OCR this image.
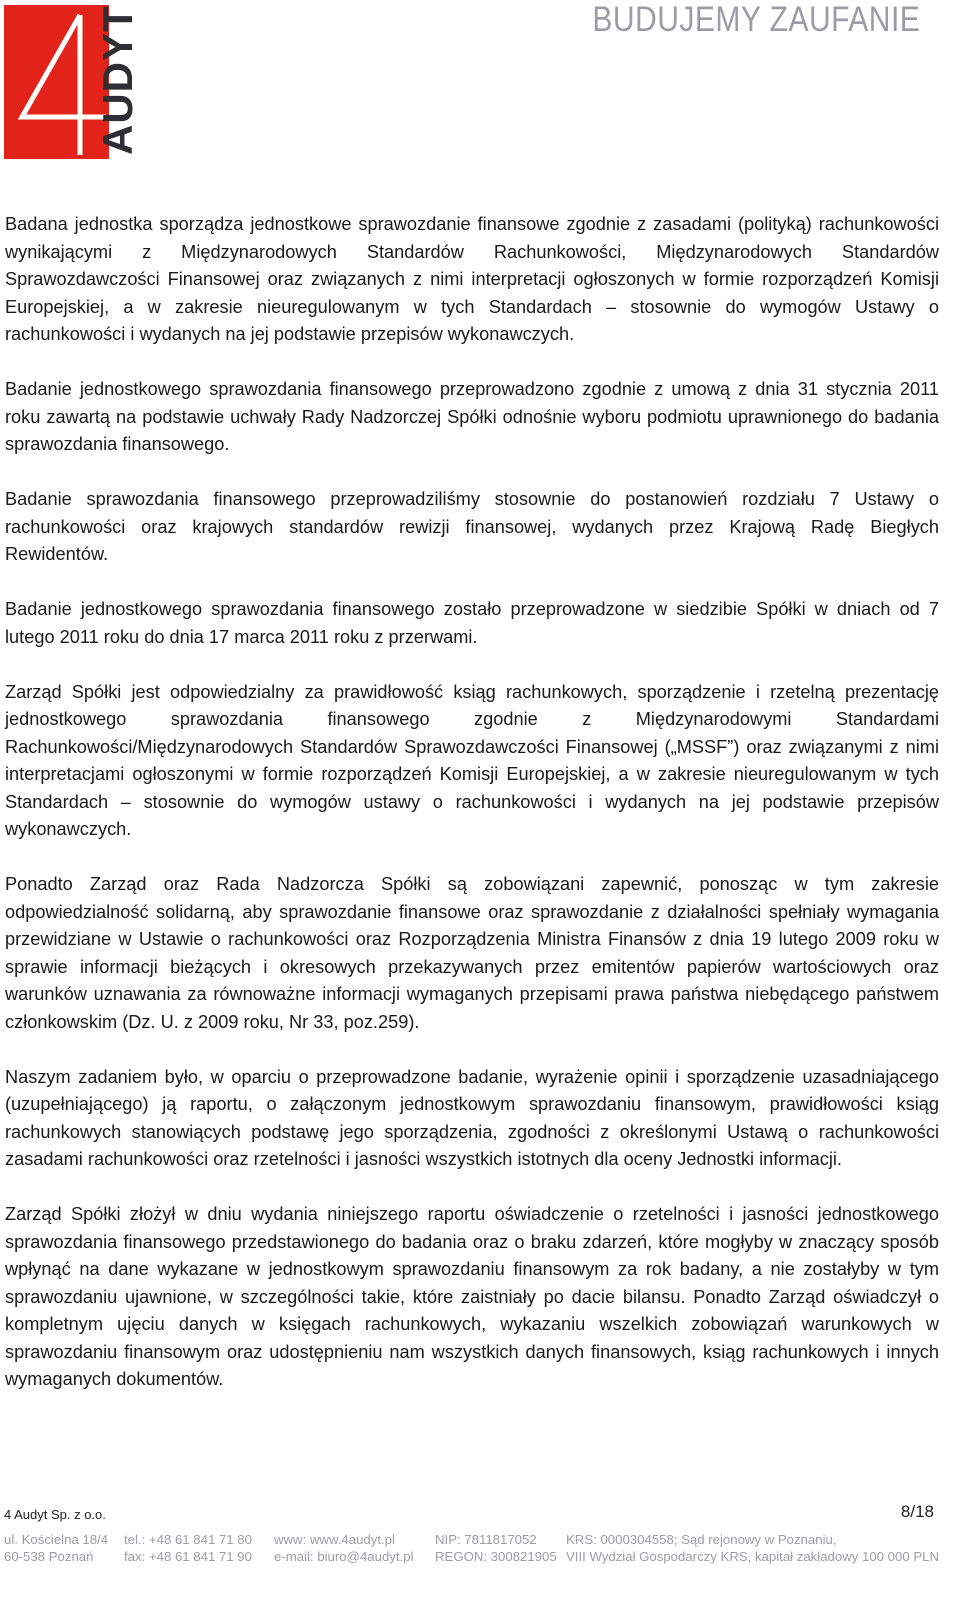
AUDYT	BUDUJEMY ZAUFANIE

Badana jednostka sporządza jednostkowe sprawozdanie finansowe zgodnie z zasadami (polityką) rachunkowości wynikającymi z Międzynarodowych Standardów Rachunkowości, Międzynarodowych Standardów Sprawozdawczości Finansowej oraz związanych z nimi interpretacji ogłoszonych w formie rozporządzeń Komisji Europejskiej, a w zakresie nieuregulowanym w tych Standardach – stosownie do wymogów Ustawy o rachunkowości i wydanych na jej podstawie przepisów wykonawczych.

Badanie jednostkowego sprawozdania finansowego przeprowadzono zgodnie z umową z dnia 31 stycznia 2011 roku zawartą na podstawie uchwały Rady Nadzorczej Spółki odnośnie wyboru podmiotu uprawnionego do badania sprawozdania finansowego.

Badanie sprawozdania finansowego przeprowadziliśmy stosownie do postanowień rozdziału 7 Ustawy o rachunkowości oraz krajowych standardów rewizji finansowej, wydanych przez Krajową Radę Biegłych Rewidentów.

Badanie jednostkowego sprawozdania finansowego zostało przeprowadzone w siedzibie Spółki w dniach od 7 lutego 2011 roku do dnia 17 marca 2011 roku z przerwami.

Zarząd Spółki jest odpowiedzialny za prawidłowość ksiąg rachunkowych, sporządzenie i rzetelną prezentację jednostkowego sprawozdania finansowego zgodnie z Międzynarodowymi Standardami Rachunkowości/Międzynarodowych Standardów Sprawozdawczości Finansowej („MSSF”) oraz związanymi z nimi interpretacjami ogłoszonymi w formie rozporządzeń Komisji Europejskiej, a w zakresie nieuregulowanym w tych Standardach – stosownie do wymogów ustawy o rachunkowości i wydanych na jej podstawie przepisów wykonawczych.

Ponadto Zarząd oraz Rada Nadzorcza Spółki są zobowiązani zapewnić, ponosząc w tym zakresie odpowiedzialność solidarną, aby sprawozdanie finansowe oraz sprawozdanie z działalności spełniały wymagania przewidziane w Ustawie o rachunkowości oraz Rozporządzenia Ministra Finansów z dnia 19 lutego 2009 roku w sprawie informacji bieżących i okresowych przekazywanych przez emitentów papierów wartościowych oraz warunków uznawania za równoważne informacji wymaganych przepisami prawa państwa niebędącego państwem członkowskim (Dz. U. z 2009 roku, Nr 33, poz.259).

Naszym zadaniem było, w oparciu o przeprowadzone badanie, wyrażenie opinii i sporządzenie uzasadniającego (uzupełniającego) ją raportu, o załączonym jednostkowym sprawozdaniu finansowym, prawidłowości ksiąg rachunkowych stanowiących podstawę jego sporządzenia, zgodności z określonymi Ustawą o rachunkowości zasadami rachunkowości oraz rzetelności i jasności wszystkich istotnych dla oceny Jednostki informacji.

Zarząd Spółki złożył w dniu wydania niniejszego raportu oświadczenie o rzetelności i jasności jednostkowego sprawozdania finansowego przedstawionego do badania oraz o braku zdarzeń, które mogłyby w znaczący sposób wpłynąć na dane wykazane w jednostkowym sprawozdaniu finansowym za rok badany, a nie zostałyby w tym sprawozdaniu ujawnione, w szczególności takie, które zaistniały po dacie bilansu. Ponadto Zarząd oświadczył o kompletnym ujęciu danych w księgach rachunkowych, wykazaniu wszelkich zobowiązań warunkowych w sprawozdaniu finansowym oraz udostępnieniu nam wszystkich danych finansowych, ksiąg rachunkowych i innych wymaganych dokumentów.

4 Audyt Sp. z o.o.	8/18
ul. Kościelna 18/4
60-538 Poznań
tel.: +48 61 841 71 80
fax: +48 61 841 71 90
www: www.4audyt.pl
e-mail: biuro@4audyt.pl
NIP: 7811817052
REGON: 300821905
KRS: 0000304558; Sąd rejonowy w Poznaniu,
VIII Wydział Gospodarczy KRS, kapitał zakładowy 100 000 PLN
